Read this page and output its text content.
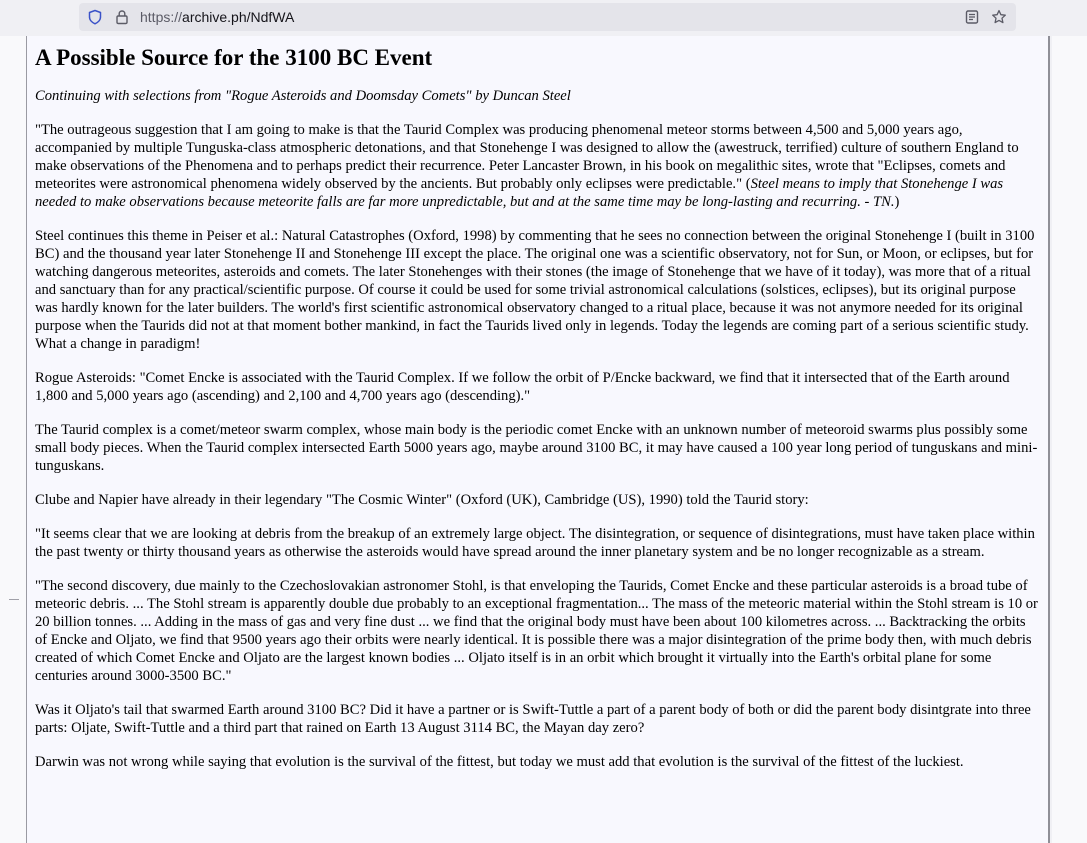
https://archive.ph/NdfWA
A Possible Source for the 3100 BC Event

Continuing with selections from "Rogue Asteroids and Doomsday Comets" by Duncan Steel

"The outrageous suggestion that I am going to make is that the Taurid Complex was producing phenomenal meteor storms between 4,500 and 5,000 years ago, accompanied by multiple Tunguska-class atmospheric detonations, and that Stonehenge I was designed to allow the (awestruck, terrified) culture of southern England to make observations of the Phenomena and to perhaps predict their recurrence. Peter Lancaster Brown, in his book on megalithic sites, wrote that "Eclipses, comets and meteorites were astronomical phenomena widely observed by the ancients. But probably only eclipses were predictable." (Steel means to imply that Stonehenge I was needed to make observations because meteorite falls are far more unpredictable, but and at the same time may be long-lasting and recurring. - TN.)

Steel continues this theme in Peiser et al.: Natural Catastrophes (Oxford, 1998) by commenting that he sees no connection between the original Stonehenge I (built in 3100 BC) and the thousand year later Stonehenge II and Stonehenge III except the place. The original one was a scientific observatory, not for Sun, or Moon, or eclipses, but for watching dangerous meteorites, asteroids and comets. The later Stonehenges with their stones (the image of Stonehenge that we have of it today), was more that of a ritual and sanctuary than for any practical/scientific purpose. Of course it could be used for some trivial astronomical calculations (solstices, eclipses), but its original purpose was hardly known for the later builders. The world's first scientific astronomical observatory changed to a ritual place, because it was not anymore needed for its original purpose when the Taurids did not at that moment bother mankind, in fact the Taurids lived only in legends. Today the legends are coming part of a serious scientific study. What a change in paradigm!

Rogue Asteroids: "Comet Encke is associated with the Taurid Complex. If we follow the orbit of P/Encke backward, we find that it intersected that of the Earth around 1,800 and 5,000 years ago (ascending) and 2,100 and 4,700 years ago (descending)."

The Taurid complex is a comet/meteor swarm complex, whose main body is the periodic comet Encke with an unknown number of meteoroid swarms plus possibly some small body pieces. When the Taurid complex intersected Earth 5000 years ago, maybe around 3100 BC, it may have caused a 100 year long period of tunguskans and mini-tunguskans.

Clube and Napier have already in their legendary "The Cosmic Winter" (Oxford (UK), Cambridge (US), 1990) told the Taurid story:

"It seems clear that we are looking at debris from the breakup of an extremely large object. The disintegration, or sequence of disintegrations, must have taken place within the past twenty or thirty thousand years as otherwise the asteroids would have spread around the inner planetary system and be no longer recognizable as a stream.

"The second discovery, due mainly to the Czechoslovakian astronomer Stohl, is that enveloping the Taurids, Comet Encke and these particular asteroids is a broad tube of meteoric debris. ... The Stohl stream is apparently double due probably to an exceptional fragmentation... The mass of the meteoric material within the Stohl stream is 10 or 20 billion tonnes. ... Adding in the mass of gas and very fine dust ... we find that the original body must have been about 100 kilometres across. ... Backtracking the orbits of Encke and Oljato, we find that 9500 years ago their orbits were nearly identical. It is possible there was a major disintegration of the prime body then, with much debris created of which Comet Encke and Oljato are the largest known bodies ... Oljato itself is in an orbit which brought it virtually into the Earth's orbital plane for some centuries around 3000-3500 BC."

Was it Oljato's tail that swarmed Earth around 3100 BC? Did it have a partner or is Swift-Tuttle a part of a parent body of both or did the parent body disintgrate into three parts: Oljate, Swift-Tuttle and a third part that rained on Earth 13 August 3114 BC, the Mayan day zero?

Darwin was not wrong while saying that evolution is the survival of the fittest, but today we must add that evolution is the survival of the fittest of the luckiest.
